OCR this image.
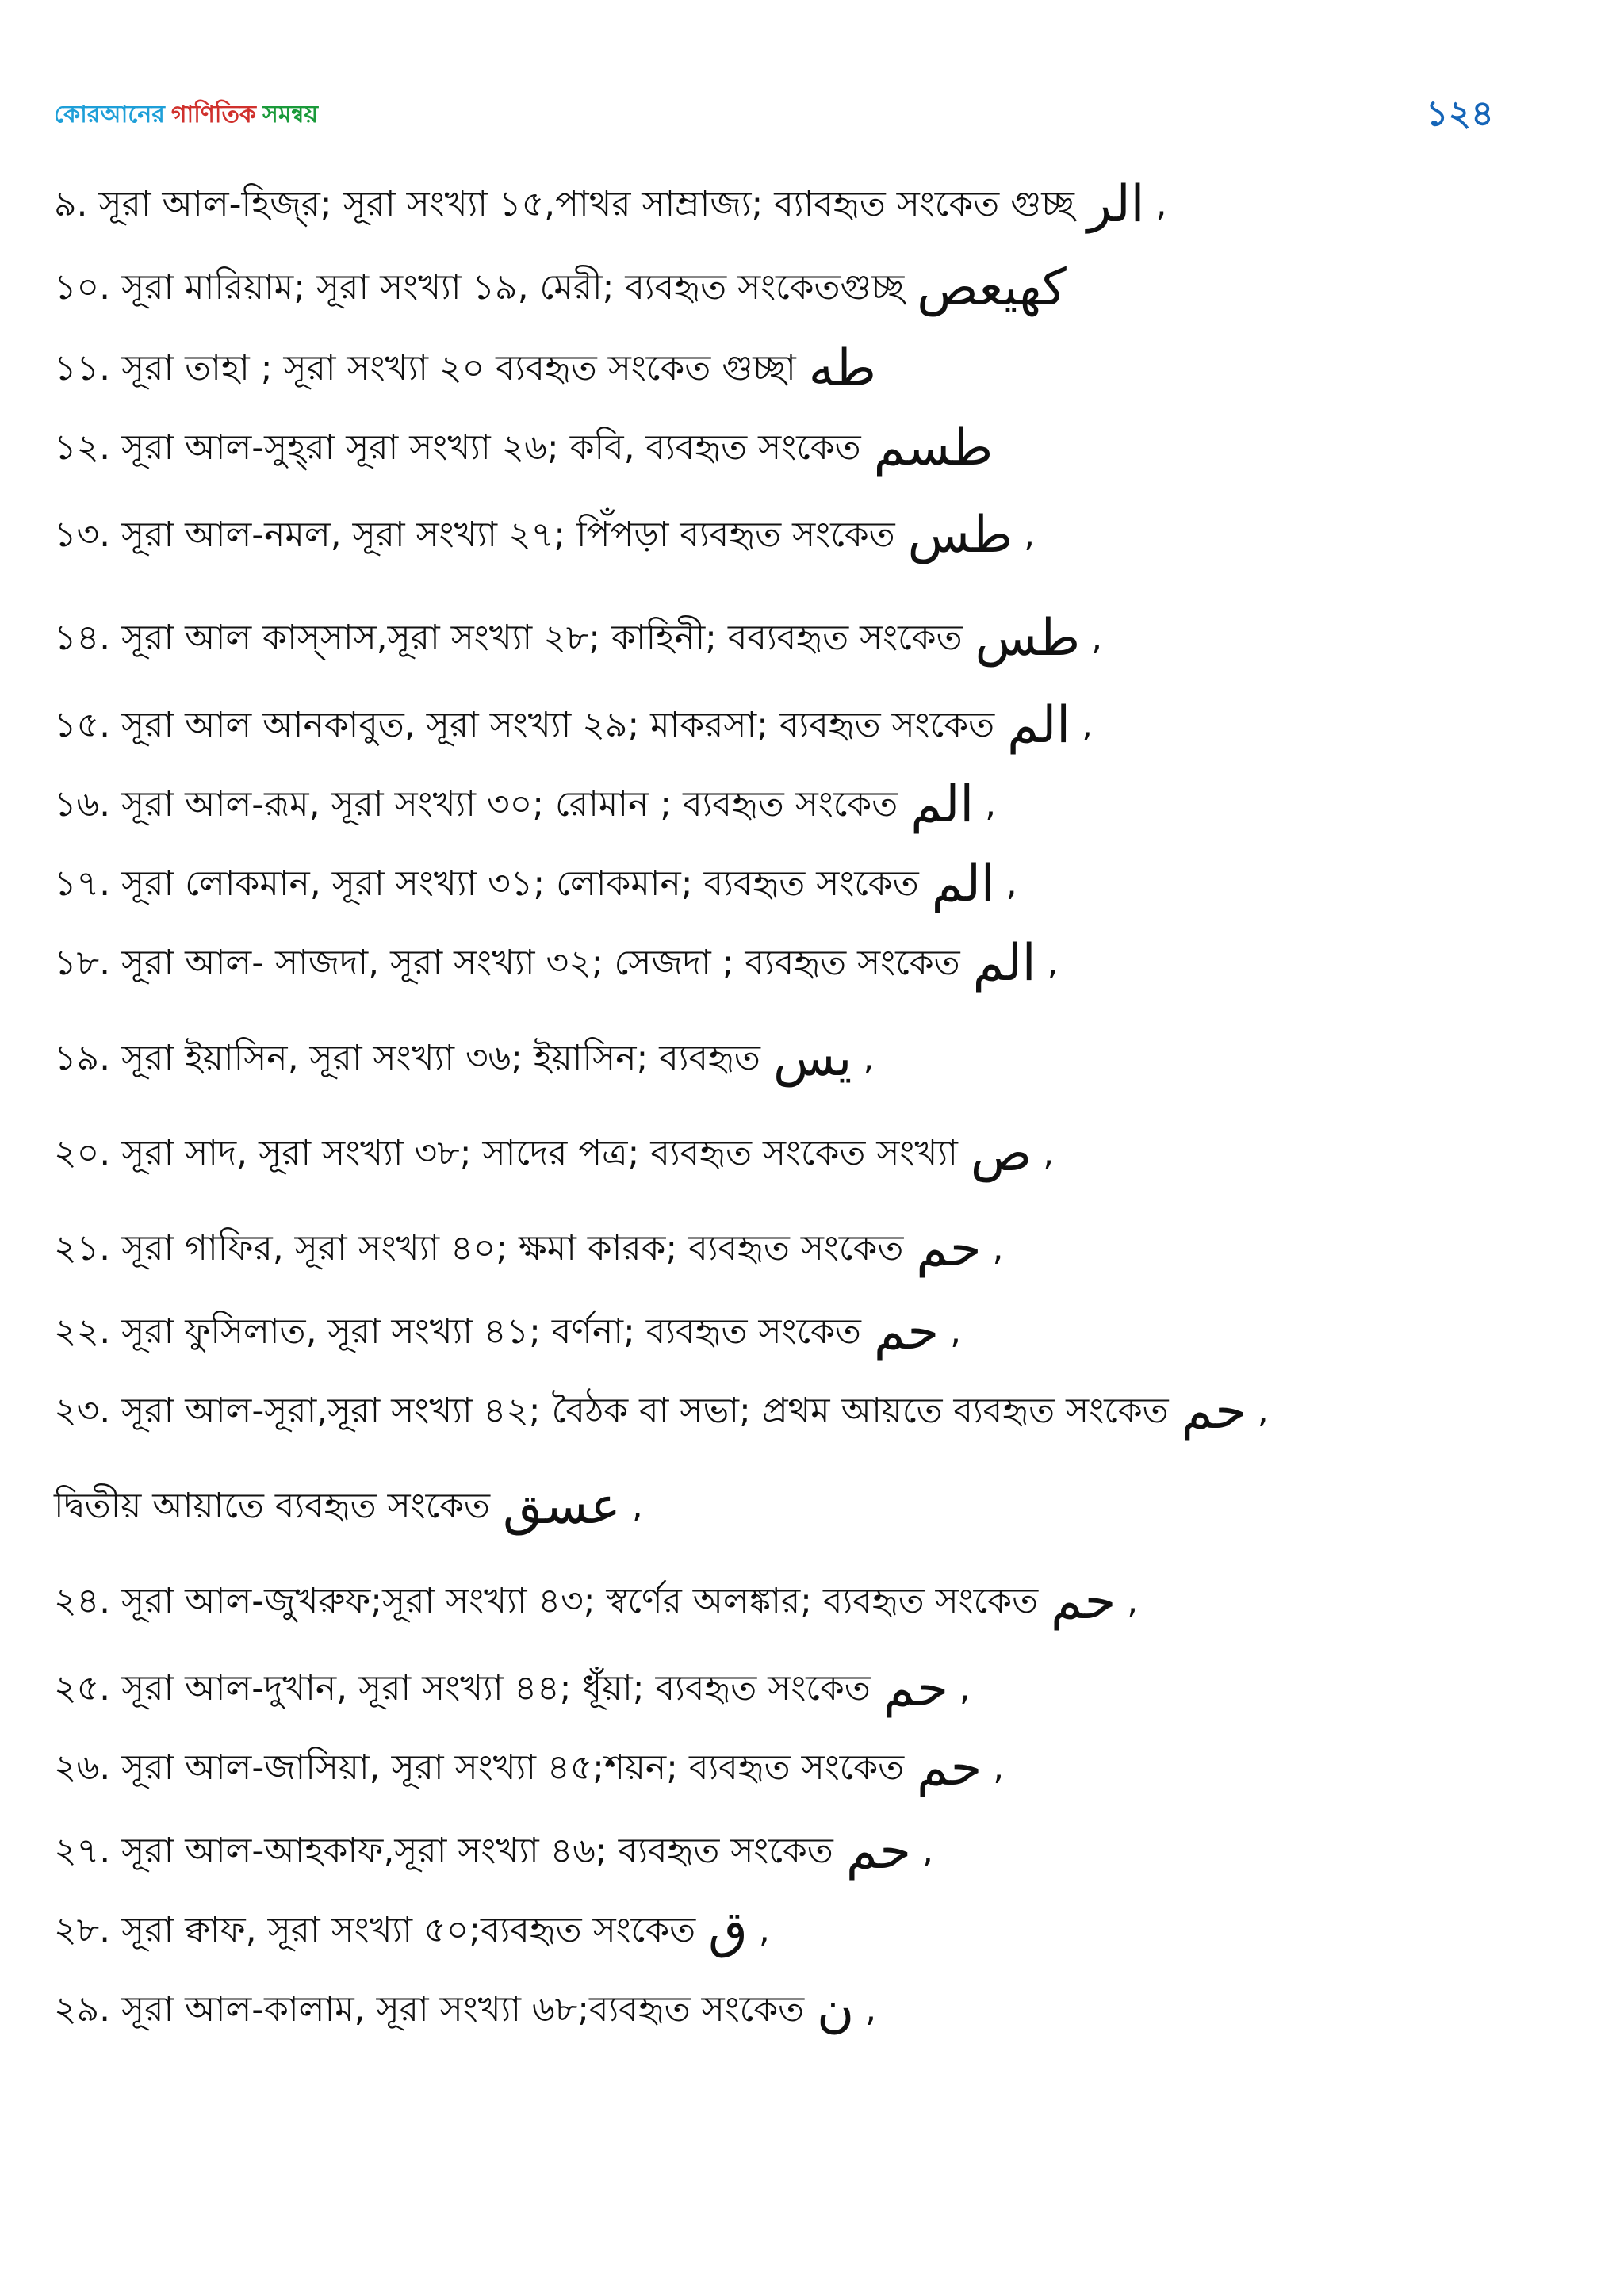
কোরআনের গাণিতিক সমন্বয়	১২৪
৯. সূরা আল-হিজ্‌র; সূরা সংখ্যা ১৫,পাথর সাম্রাজ্য; ব্যাবহৃত সংকেত গুচ্ছ الر ,
১০. সূরা মারিয়াম; সূরা সংখ্যা ১৯, মেরী; ব্যবহৃত সংকেতগুচ্ছ كهيعص
১১. সূরা তাহা ; সূরা সংখ্যা ২০ ব্যবহৃত সংকেত গুচ্ছা طه
১২. সূরা আল-সুহ্‌রা সূরা সংখ্যা ২৬; কবি, ব্যবহৃত সংকেত طسم
১৩. সূরা আল-নমল, সূরা সংখ্যা ২৭; পিঁপড়া ব্যবহৃত সংকেত طس ,
১৪. সূরা আল কাস্‌সাস,সূরা সংখ্যা ২৮; কাহিনী; বব্যবহৃত সংকেত طس ,
১৫. সূরা আল আনকাবুত, সূরা সংখ্যা ২৯; মাকরসা; ব্যবহৃত সংকেত الم ,
১৬. সূরা আল-রূম, সূরা সংখ্যা ৩০; রোমান ; ব্যবহৃত সংকেত الم ,
১৭. সূরা লোকমান, সূরা সংখ্যা ৩১; লোকমান; ব্যবহৃত সংকেত الم ,
১৮. সূরা আল- সাজদা, সূরা সংখ্যা ৩২; সেজদা ; ব্যবহৃত সংকেত الم ,
১৯. সূরা ইয়াসিন, সূরা সংখ্যা ৩৬; ইয়াসিন; ব্যবহৃত يس ,
২০. সূরা সাদ, সূরা সংখ্যা ৩৮; সাদের পত্র; ব্যবহৃত সংকেত সংখ্যা ص ,
২১. সূরা গাফির, সূরা সংখ্যা ৪০; ক্ষমা কারক; ব্যবহৃত সংকেত حم ,
২২. সূরা ফুসিলাত, সূরা সংখ্যা ৪১; বর্ণনা; ব্যবহৃত সংকেত حم ,
২৩. সূরা আল-সূরা,সূরা সংখ্যা ৪২; বৈঠক বা সভা; প্রথম আয়তে ব্যবহৃত সংকেত حم ,
দ্বিতীয় আয়াতে ব্যবহৃত সংকেত عسق ,
২৪. সূরা আল-জুখরুফ;সূরা সংখ্যা ৪৩; স্বর্ণের অলঙ্কার; ব্যবহৃত সংকেত حم ,
২৫. সূরা আল-দুখান, সূরা সংখ্যা ৪৪; ধূঁয়া; ব্যবহৃত সংকেত حم ,
২৬. সূরা আল-জাসিয়া, সূরা সংখ্যা ৪৫;শয়ন; ব্যবহৃত সংকেত حم ,
২৭. সূরা আল-আহকাফ,সূরা সংখ্যা ৪৬; ব্যবহৃত সংকেত حم ,
২৮. সূরা ক্বাফ, সূরা সংখ্যা ৫০;ব্যবহৃত সংকেত ق ,
২৯. সূরা আল-কালাম, সূরা সংখ্যা ৬৮;ব্যবহৃত সংকেত ن ,
